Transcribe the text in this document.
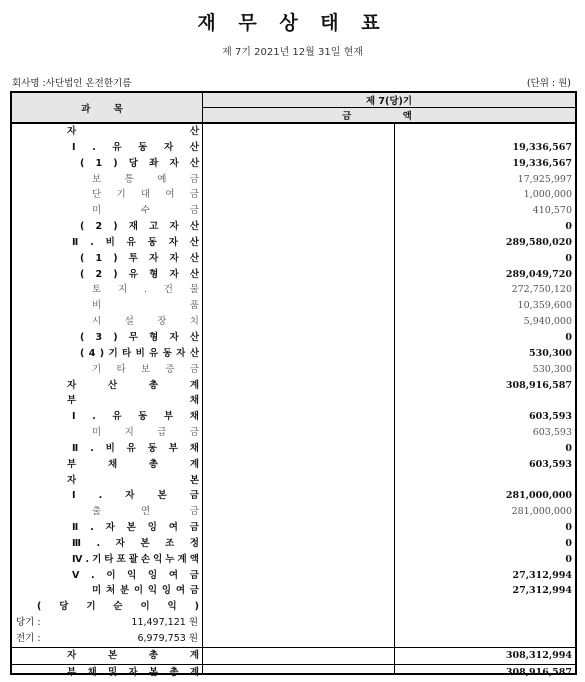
재 무 상 태 표
제 7기 2021년 12월 31일 현재
회사명 :사단법인 온전한기름	(단위 : 원)
과 목
제 7(당)기
금 액
자	산
Ⅰ . 유 동 자 산	19,336,567
( 1 ) 당 좌 자 산	19,336,567
보 통 예 금	17,925,997
단 기 대 여 금	1,000,000
미	수	금	410,570
( 2 ) 재 고 자 산	0
Ⅱ . 비 유 동 자 산	289,580,020
( 1 ) 투 자 자 산	0
( 2 ) 유 형 자 산	289,049,720
토 지 . 건 물	272,750,120
비	품	10,359,600
시 설 장 치	5,940,000
( 3 ) 무 형 자 산	0
( 4 ) 기 타 비 유 동 자 산	530,300
기 타 보 증 금	530,300
자	산	총	계	308,916,587
부	채
Ⅰ . 유 동 부 채	603,593
미 지 급 금	603,593
Ⅱ . 비 유 동 부 채	0
부	채	총	계	603,593
자	본
Ⅰ . 자 본 금	281,000,000
출	연	금	281,000,000
Ⅱ . 자 본 잉 여 금	0
Ⅲ . 자 본 조 정	0
Ⅳ . 기 타 포 괄 손 익 누 계 액	0
Ⅴ . 이 익 잉 여 금	27,312,994
미 처 분 이 익 잉 여 금	27,312,994
( 당 기 순 이 익 )
당기 :	11,497,121 원
전기 :	6,979,753 원
자	본	총	계	308,312,994
부 채 및 자 본 총 계	308,916,587
